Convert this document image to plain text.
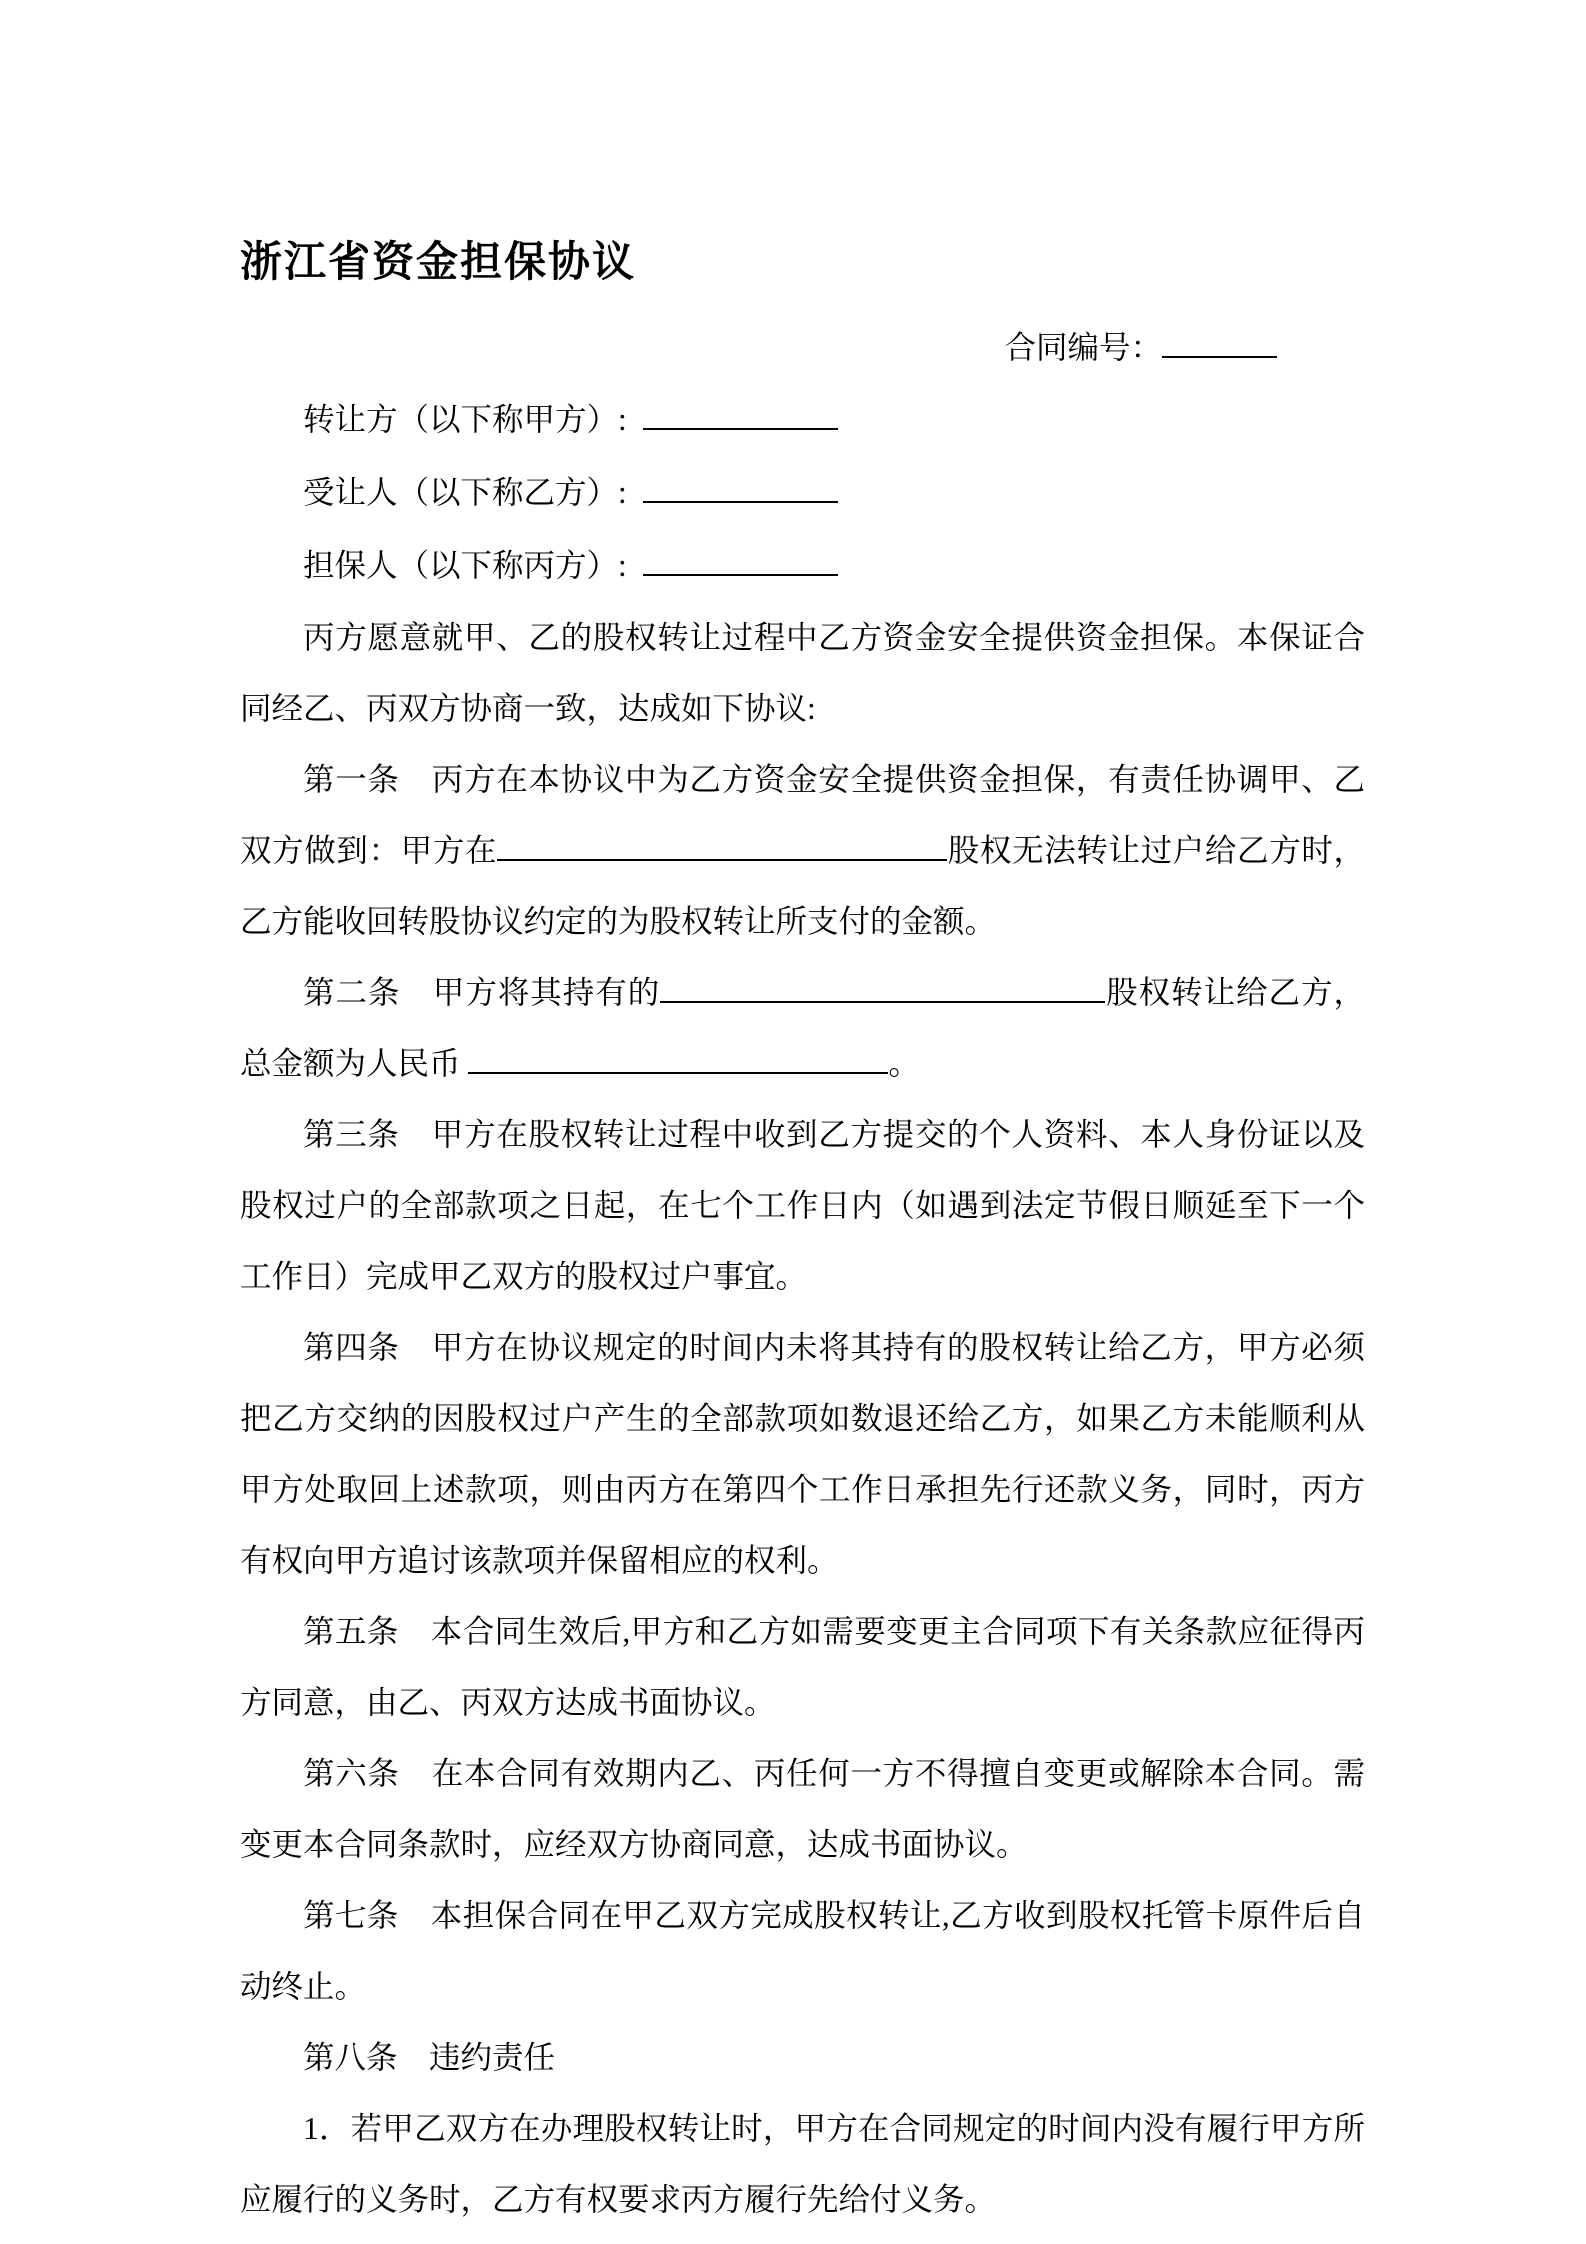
浙江省资金担保协议
合同编号：
转让方（以下称甲方）:
受让人（以下称乙方）:
担保人（以下称丙方）:

丙方愿意就甲、乙的股权转让过程中乙方资金安全提供资金担保。本保证合同经乙、丙双方协商一致，达成如下协议:

第一条　丙方在本协议中为乙方资金安全提供资金担保，有责任协调甲、乙双方做到：甲方在	股权无法转让过户给乙方时，乙方能收回转股协议约定的为股权转让所支付的金额。

第二条　甲方将其持有的	股权转让给乙方，总金额为人民币	。

第三条　甲方在股权转让过程中收到乙方提交的个人资料、本人身份证以及股权过户的全部款项之日起，在七个工作日内（如遇到法定节假日顺延至下一个工作日）完成甲乙双方的股权过户事宜。

第四条　甲方在协议规定的时间内未将其持有的股权转让给乙方，甲方必须把乙方交纳的因股权过户产生的全部款项如数退还给乙方，如果乙方未能顺利从甲方处取回上述款项，则由丙方在第四个工作日承担先行还款义务，同时，丙方有权向甲方追讨该款项并保留相应的权利。

第五条　本合同生效后,甲方和乙方如需要变更主合同项下有关条款应征得丙方同意，由乙、丙双方达成书面协议。

第六条　在本合同有效期内乙、丙任何一方不得擅自变更或解除本合同。需变更本合同条款时，应经双方协商同意，达成书面协议。

第七条　本担保合同在甲乙双方完成股权转让,乙方收到股权托管卡原件后自动终止。

第八条　违约责任

1．若甲乙双方在办理股权转让时，甲方在合同规定的时间内没有履行甲方所应履行的义务时，乙方有权要求丙方履行先给付义务。
